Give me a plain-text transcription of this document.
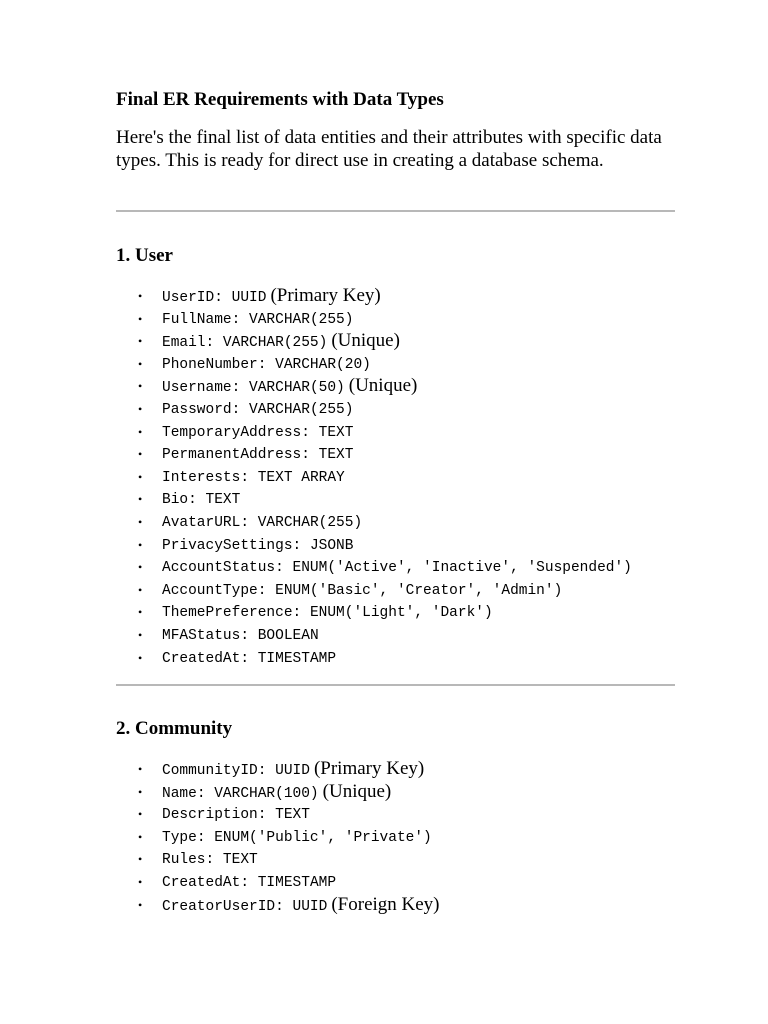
Final ER Requirements with Data Types

Here's the final list of data entities and their attributes with specific data types. This is ready for direct use in creating a database schema.

1. User
• UserID: UUID (Primary Key)
• FullName: VARCHAR(255)
• Email: VARCHAR(255) (Unique)
• PhoneNumber: VARCHAR(20)
• Username: VARCHAR(50) (Unique)
• Password: VARCHAR(255)
• TemporaryAddress: TEXT
• PermanentAddress: TEXT
• Interests: TEXT ARRAY
• Bio: TEXT
• AvatarURL: VARCHAR(255)
• PrivacySettings: JSONB
• AccountStatus: ENUM('Active', 'Inactive', 'Suspended')
• AccountType: ENUM('Basic', 'Creator', 'Admin')
• ThemePreference: ENUM('Light', 'Dark')
• MFAStatus: BOOLEAN
• CreatedAt: TIMESTAMP
2. Community
• CommunityID: UUID (Primary Key)
• Name: VARCHAR(100) (Unique)
• Description: TEXT
• Type: ENUM('Public', 'Private')
• Rules: TEXT
• CreatedAt: TIMESTAMP
• CreatorUserID: UUID (Foreign Key)
